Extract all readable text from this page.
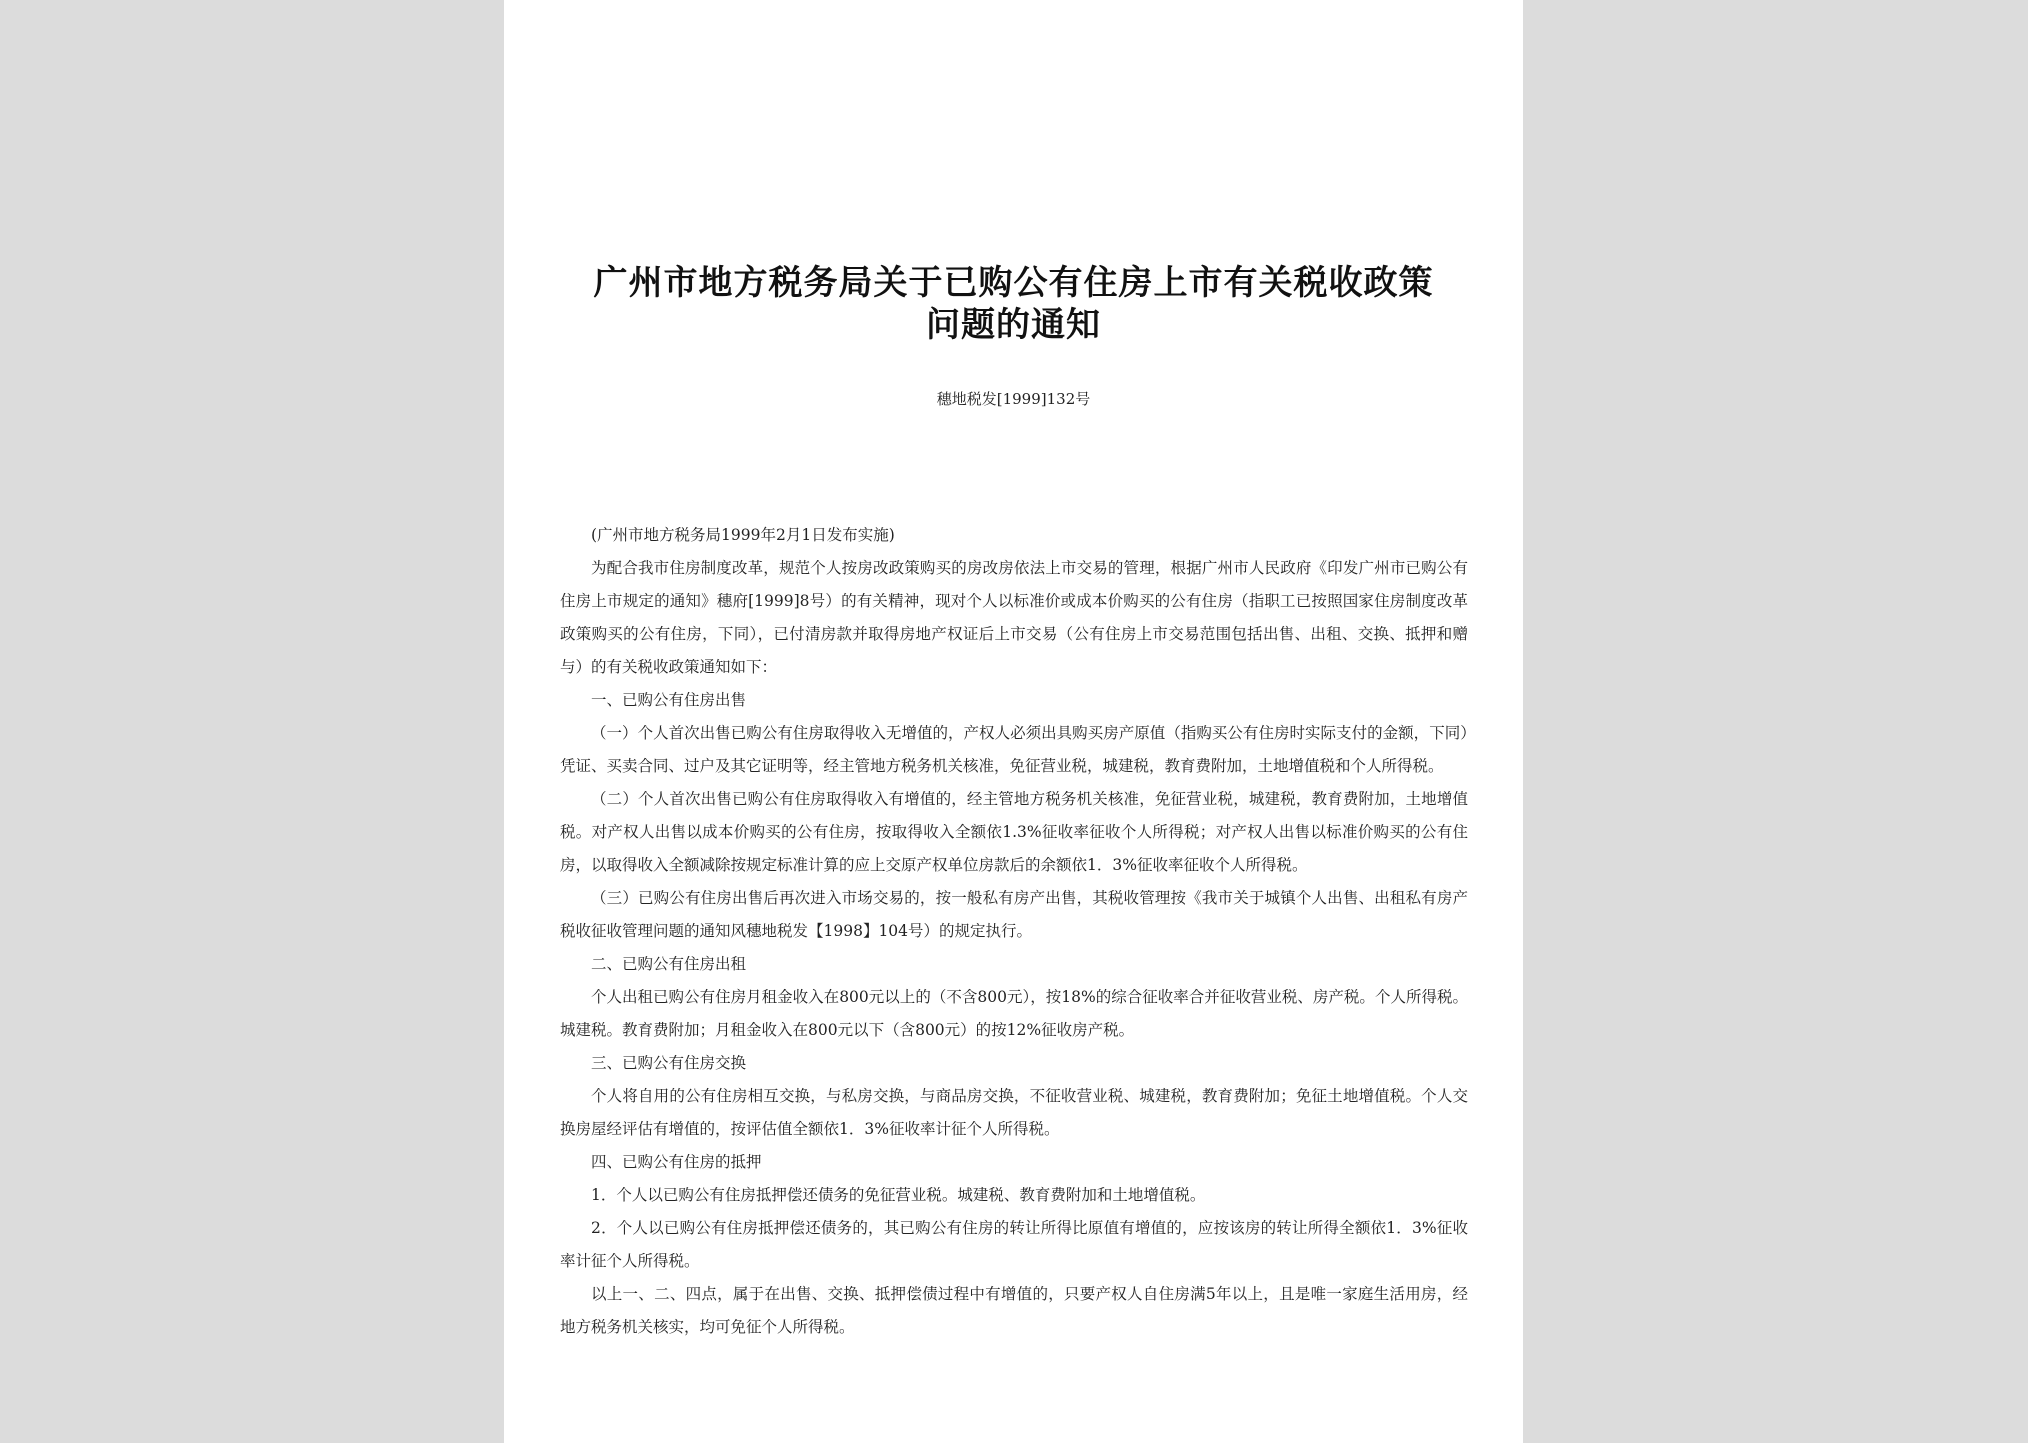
广州市地方税务局关于已购公有住房上市有关税收政策问题的通知
穗地税发[1999]132号

(广州市地方税务局1999年2月1日发布实施)

为配合我市住房制度改革，规范个人按房改政策购买的房改房依法上市交易的管理，根据广州市人民政府《印发广州市已购公有住房上市规定的通知》穗府[1999]8号）的有关精神，现对个人以标准价或成本价购买的公有住房（指职工已按照国家住房制度改革政策购买的公有住房，下同），已付清房款并取得房地产权证后上市交易（公有住房上市交易范围包括出售、出租、交换、抵押和赠与）的有关税收政策通知如下：

一、已购公有住房出售

（一）个人首次出售已购公有住房取得收入无增值的，产权人必须出具购买房产原值（指购买公有住房时实际支付的金额，下同）凭证、买卖合同、过户及其它证明等，经主管地方税务机关核准，免征营业税，城建税，教育费附加，土地增值税和个人所得税。

（二）个人首次出售已购公有住房取得收入有增值的，经主管地方税务机关核准，免征营业税，城建税，教育费附加，土地增值税。对产权人出售以成本价购买的公有住房，按取得收入全额依1.3%征收率征收个人所得税；对产权人出售以标准价购买的公有住房，以取得收入全额减除按规定标准计算的应上交原产权单位房款后的余额依1．3%征收率征收个人所得税。

（三）已购公有住房出售后再次进入市场交易的，按一般私有房产出售，其税收管理按《我市关于城镇个人出售、出租私有房产税收征收管理问题的通知风穗地税发【1998】104号）的规定执行。

二、已购公有住房出租

个人出租已购公有住房月租金收入在800元以上的（不含800元），按18%的综合征收率合并征收营业税、房产税。个人所得税。城建税。教育费附加；月租金收入在800元以下（含800元）的按12%征收房产税。

三、已购公有住房交换

个人将自用的公有住房相互交换，与私房交换，与商品房交换，不征收营业税、城建税，教育费附加；免征土地增值税。个人交换房屋经评估有增值的，按评估值全额依1．3%征收率计征个人所得税。

四、已购公有住房的抵押

1．个人以已购公有住房抵押偿还债务的免征营业税。城建税、教育费附加和土地增值税。

2．个人以已购公有住房抵押偿还债务的，其已购公有住房的转让所得比原值有增值的，应按该房的转让所得全额依1．3%征收率计征个人所得税。

以上一、二、四点，属于在出售、交换、抵押偿债过程中有增值的，只要产权人自住房满5年以上，且是唯一家庭生活用房，经地方税务机关核实，均可免征个人所得税。
